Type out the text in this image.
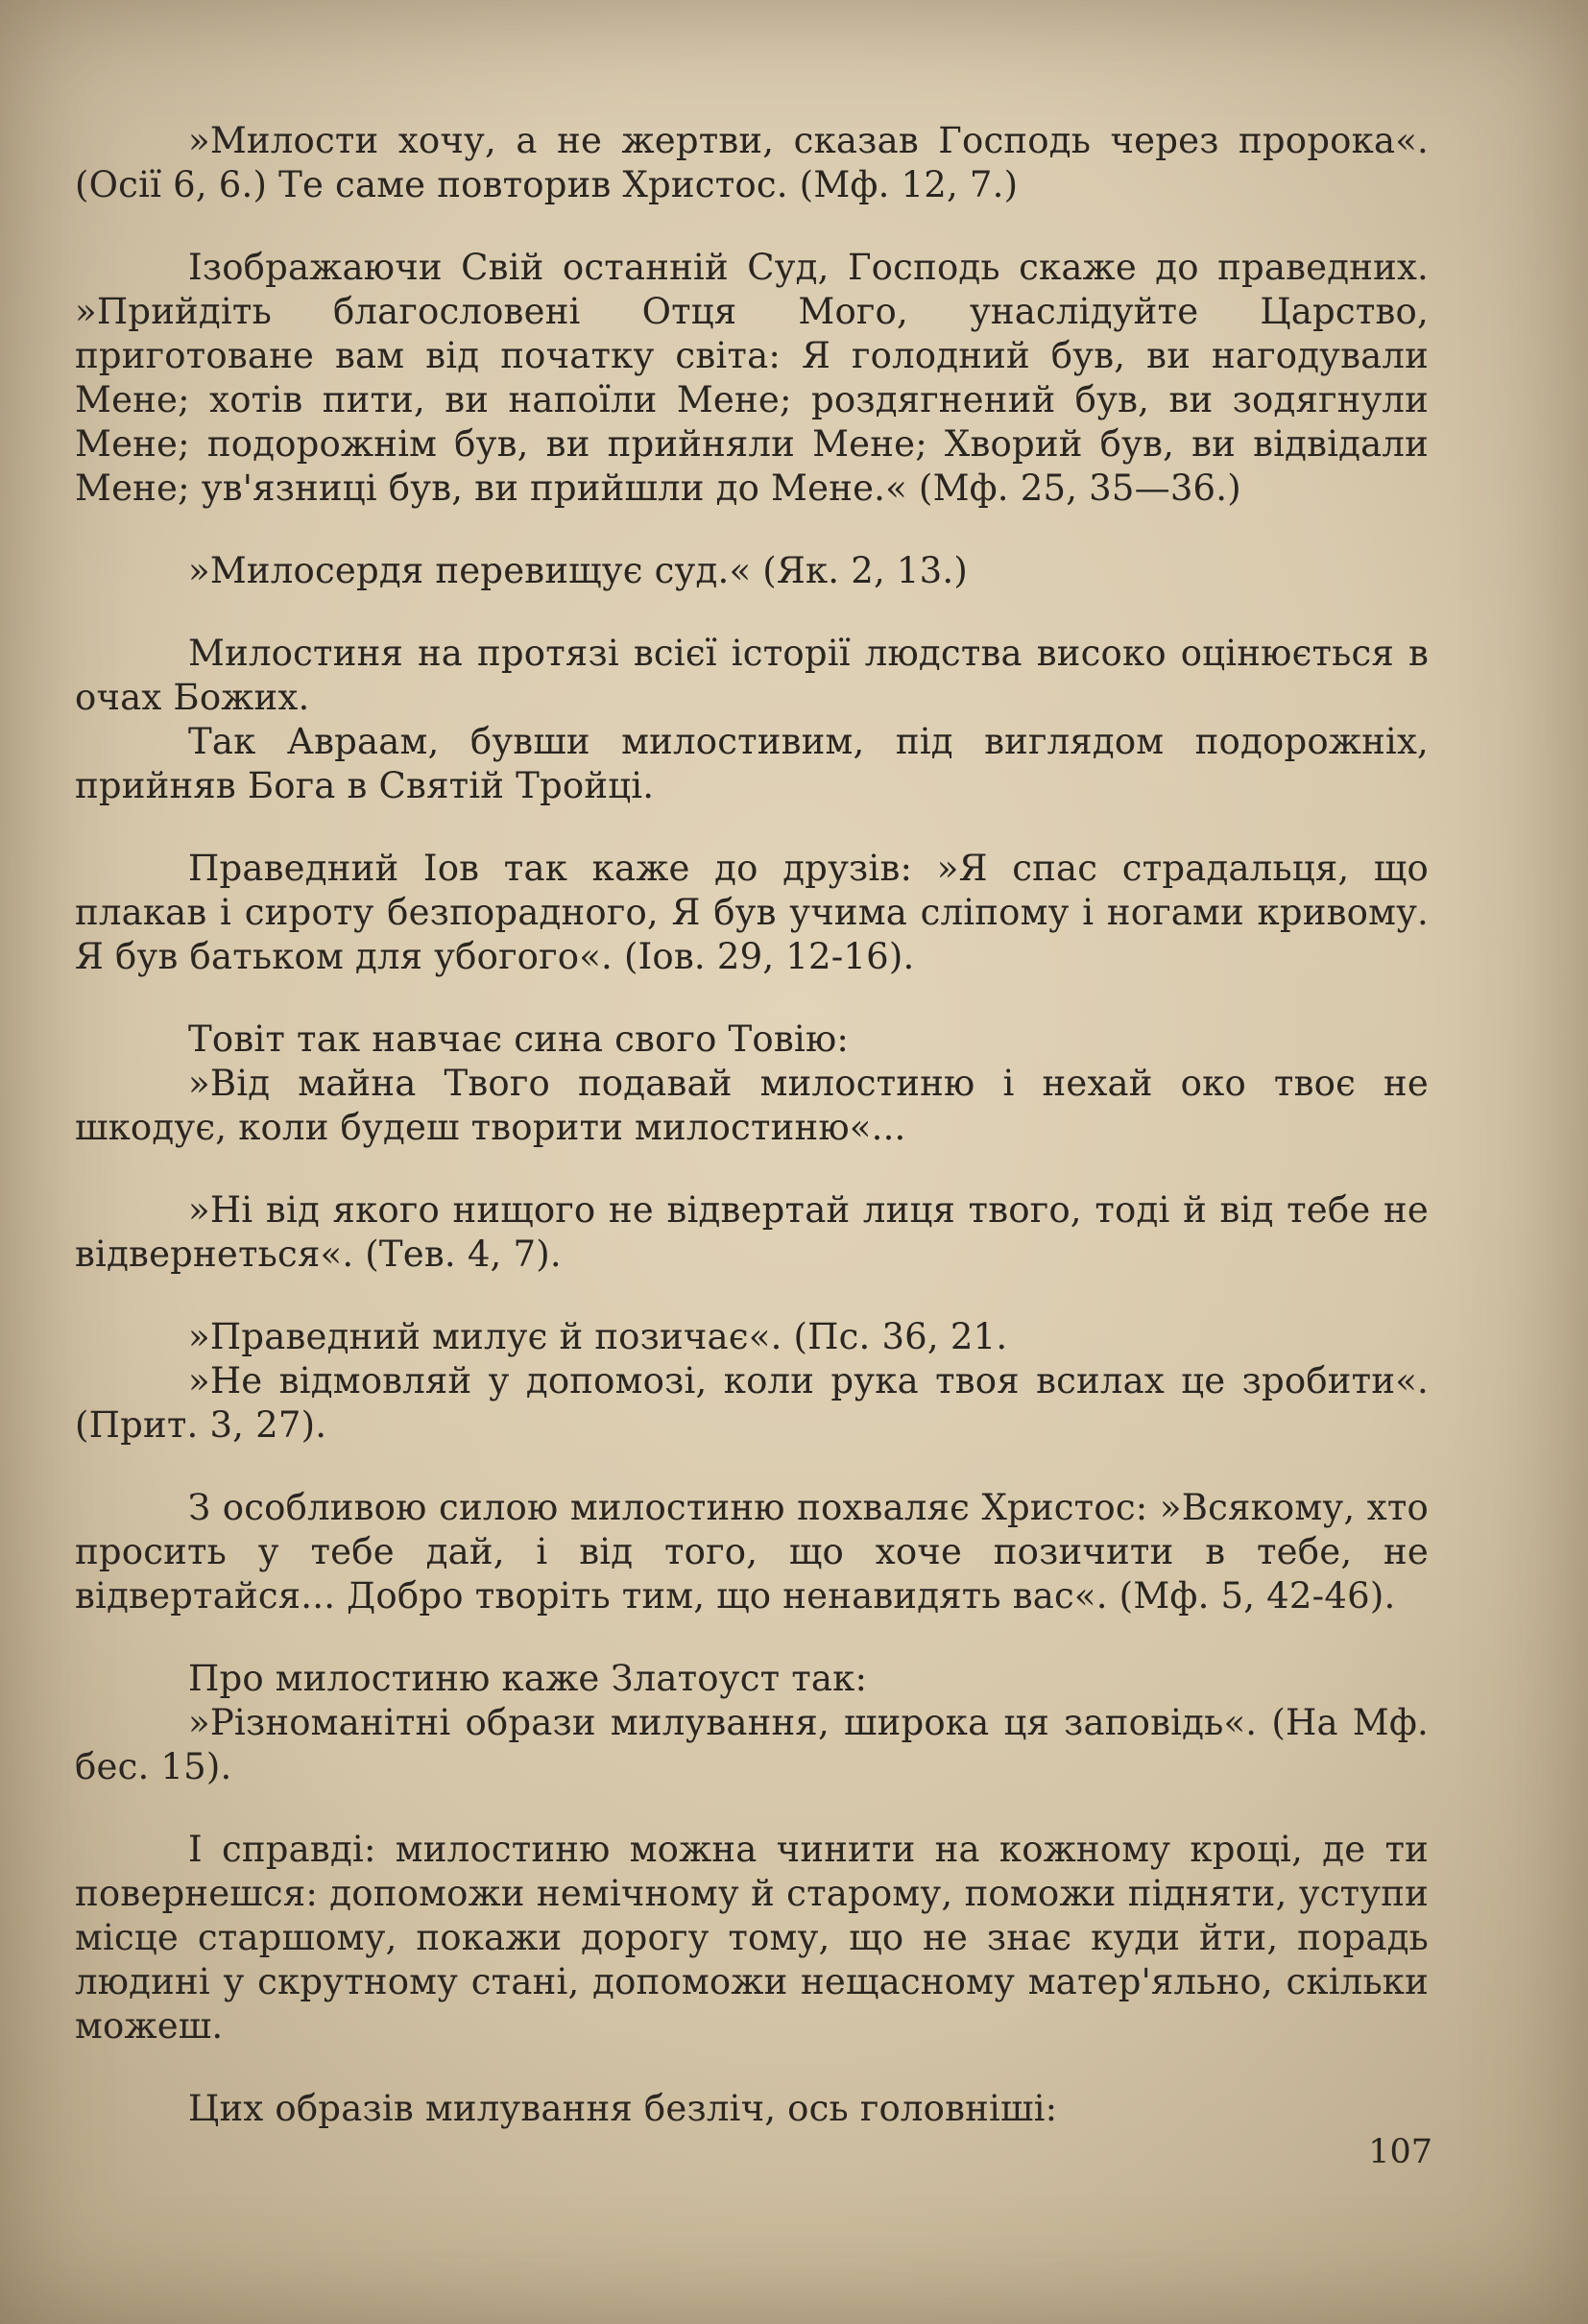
»Милости хочу, а не жертви, сказав Господь через пророка«. (Осії 6, 6.) Те саме повторив Христос. (Мф. 12, 7.)

Ізображаючи Свій останній Суд, Господь скаже до праведних. »Прийдіть благословені Отця Мого, унаслідуйте Царство, приготоване вам від початку світа: Я голодний був, ви нагодували Мене; хотів пити, ви напоїли Мене; роздягнений був, ви зодягнули Мене; подорожнім був, ви прийняли Мене; Хворий був, ви відвідали Мене; ув'язниці був, ви прийшли до Мене.« (Мф. 25, 35—36.)

»Милосердя перевищує суд.« (Як. 2, 13.)

Милостиня на протязі всієї історії людства високо оцінюється в очах Божих.

Так Авраам, бувши милостивим, під виглядом подорожніх, прийняв Бога в Святій Тройці.

Праведний Іов так каже до друзів: »Я спас страдальця, що плакав і сироту безпорадного, Я був учима сліпому і ногами кривому. Я був батьком для убогого«. (Іов. 29, 12-16).

Товіт так навчає сина свого Товію:

»Від майна Твого подавай милостиню і нехай око твоє не шкодує, коли будеш творити милостиню«...

»Ні від якого нищого не відвертай лиця твого, тоді й від тебе не відвернеться«. (Тев. 4, 7).

»Праведний милує й позичає«. (Пс. 36, 21.

»Не відмовляй у допомозі, коли рука твоя всилах це зробити«. (Прит. 3, 27).

З особливою силою милостиню похваляє Христос: »Всякому, хто просить у тебе дай, і від того, що хоче позичити в тебе, не відвертайся... Добро творіть тим, що ненавидять вас«. (Мф. 5, 42-46).

Про милостиню каже Златоуст так:

»Різноманітні образи милування, широка ця заповідь«. (На Мф. бес. 15).

І справді: милостиню можна чинити на кожному кроці, де ти повернешся: допоможи немічному й старому, поможи підняти, уступи місце старшому, покажи дорогу тому, що не знає куди йти, порадь людині у скрутному стані, допоможи нещасному матер'яльно, скільки можеш.

Цих образів милування безліч, ось головніші:

107
